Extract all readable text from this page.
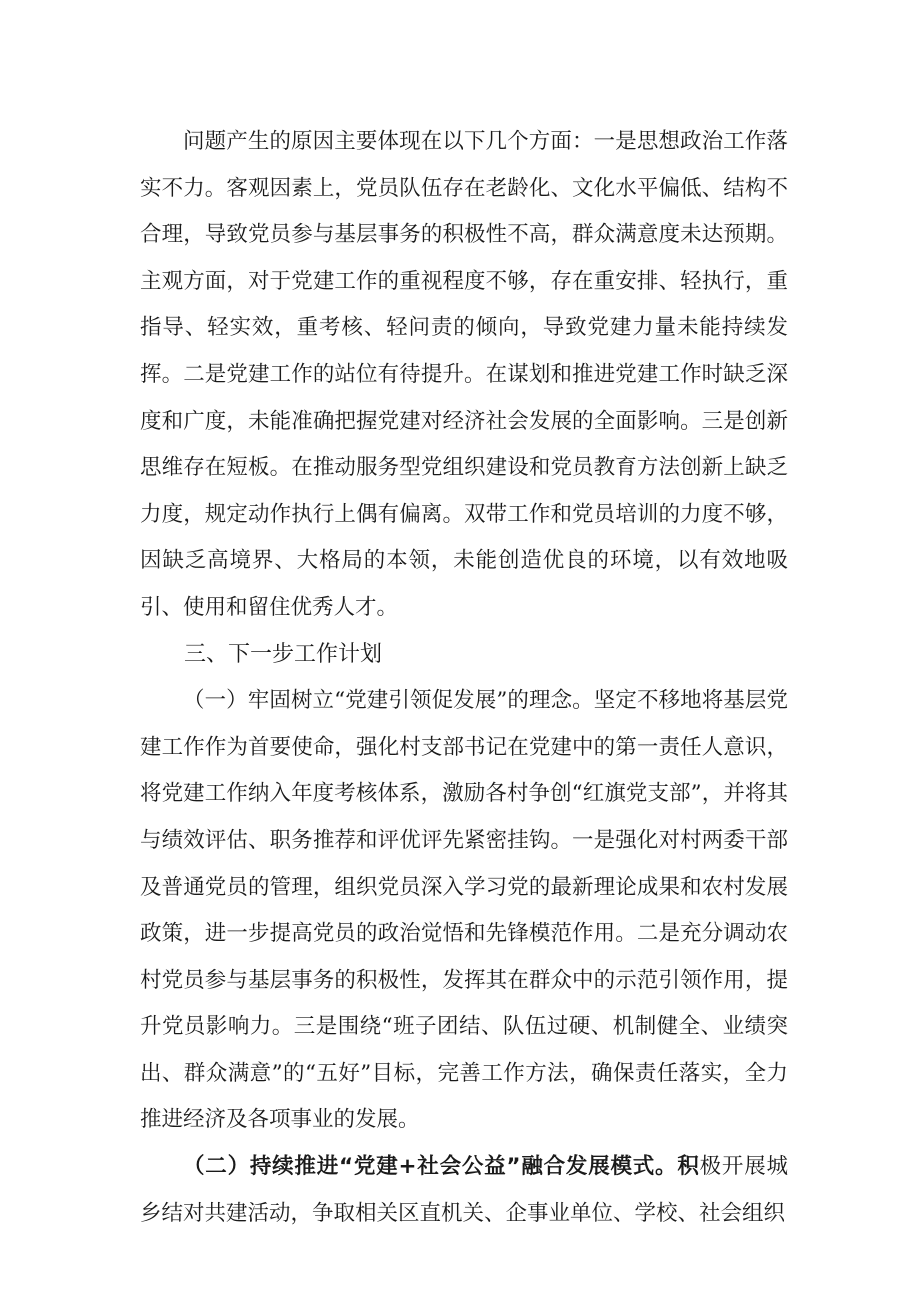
问题产生的原因主要体现在以下几个方面：一是思想政治工作落实不力。客观因素上，党员队伍存在老龄化、文化水平偏低、结构不合理，导致党员参与基层事务的积极性不高，群众满意度未达预期。主观方面，对于党建工作的重视程度不够，存在重安排、轻执行，重指导、轻实效，重考核、轻问责的倾向，导致党建力量未能持续发挥。二是党建工作的站位有待提升。在谋划和推进党建工作时缺乏深度和广度，未能准确把握党建对经济社会发展的全面影响。三是创新思维存在短板。在推动服务型党组织建设和党员教育方法创新上缺乏力度，规定动作执行上偶有偏离。双带工作和党员培训的力度不够，因缺乏高境界、大格局的本领，未能创造优良的环境，以有效地吸引、使用和留住优秀人才。

三、下一步工作计划

（一）牢固树立“党建引领促发展”的理念。坚定不移地将基层党建工作作为首要使命，强化村支部书记在党建中的第一责任人意识，将党建工作纳入年度考核体系，激励各村争创“红旗党支部”，并将其与绩效评估、职务推荐和评优评先紧密挂钩。一是强化对村两委干部及普通党员的管理，组织党员深入学习党的最新理论成果和农村发展政策，进一步提高党员的政治觉悟和先锋模范作用。二是充分调动农村党员参与基层事务的积极性，发挥其在群众中的示范引领作用，提升党员影响力。三是围绕“班子团结、队伍过硬、机制健全、业绩突出、群众满意”的“五好”目标，完善工作方法，确保责任落实，全力推进经济及各项事业的发展。

（二）持续推进“党建+社会公益”融合发展模式。积极开展城乡结对共建活动，争取相关区直机关、企事业单位、学校、社会组织
